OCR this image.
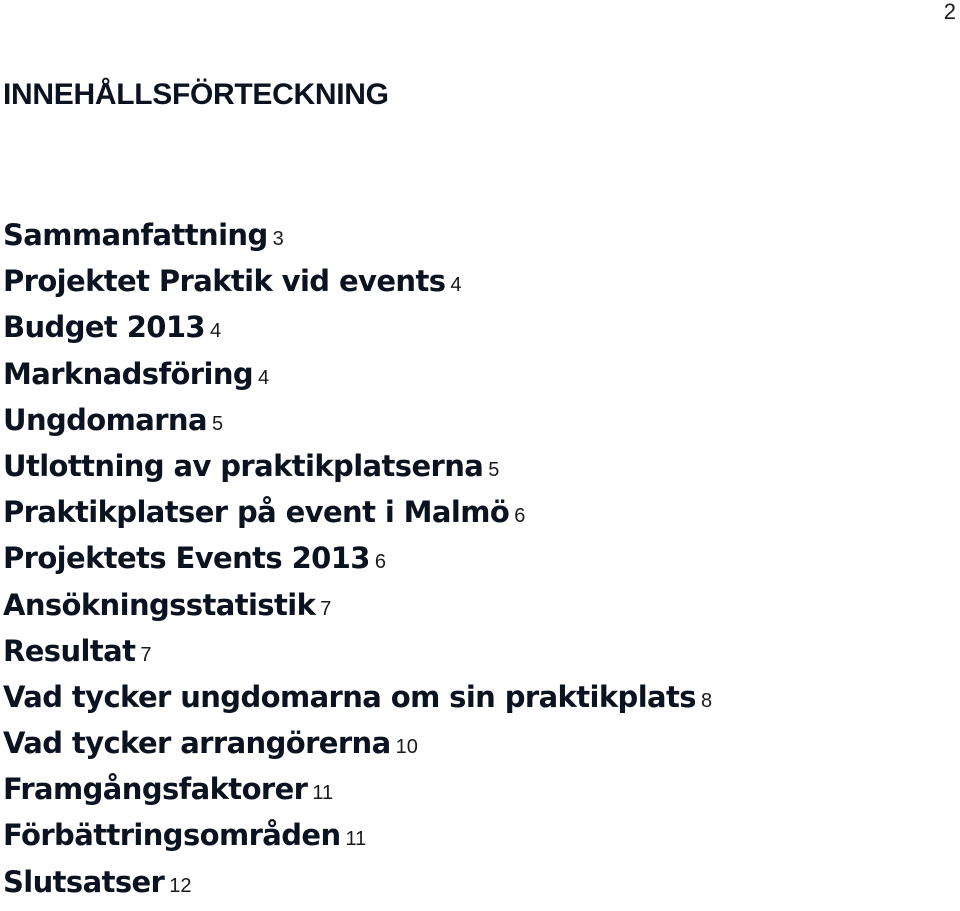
2
INNEHÅLLSFÖRTECKNING
Sammanfattning 3
Projektet Praktik vid events 4
Budget 2013 4
Marknadsföring 4
Ungdomarna 5
Utlottning av praktikplatserna 5
Praktikplatser på event i Malmö 6
Projektets Events 2013 6
Ansökningsstatistik 7
Resultat 7
Vad tycker ungdomarna om sin praktikplats 8
Vad tycker arrangörerna 10
Framgångsfaktorer 11
Förbättringsområden 11
Slutsatser 12
